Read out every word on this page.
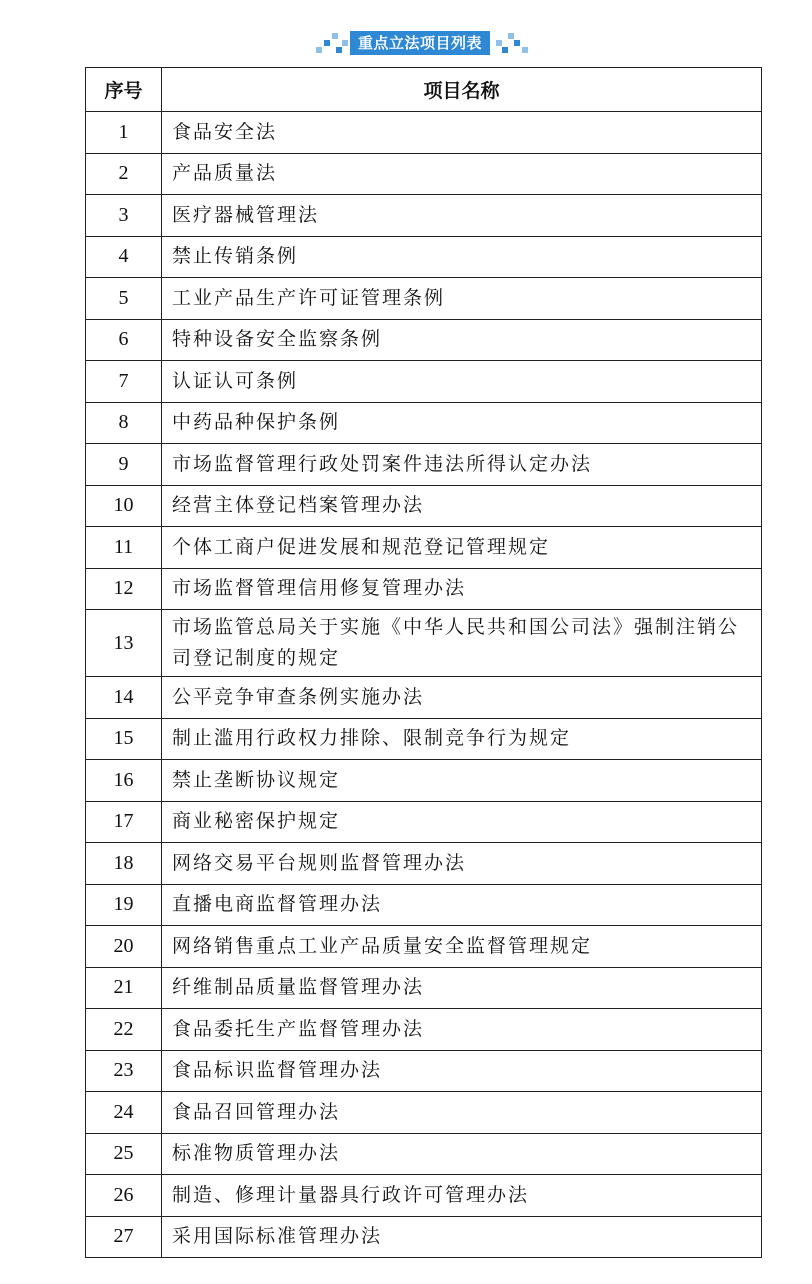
重点立法项目列表
序号	项目名称
1	食品安全法
2	产品质量法
3	医疗器械管理法
4	禁止传销条例
5	工业产品生产许可证管理条例
6	特种设备安全监察条例
7	认证认可条例
8	中药品种保护条例
9	市场监督管理行政处罚案件违法所得认定办法
10	经营主体登记档案管理办法
11	个体工商户促进发展和规范登记管理规定
12	市场监督管理信用修复管理办法
13	市场监管总局关于实施《中华人民共和国公司法》强制注销公司登记制度的规定
14	公平竞争审查条例实施办法
15	制止滥用行政权力排除、限制竞争行为规定
16	禁止垄断协议规定
17	商业秘密保护规定
18	网络交易平台规则监督管理办法
19	直播电商监督管理办法
20	网络销售重点工业产品质量安全监督管理规定
21	纤维制品质量监督管理办法
22	食品委托生产监督管理办法
23	食品标识监督管理办法
24	食品召回管理办法
25	标准物质管理办法
26	制造、修理计量器具行政许可管理办法
27	采用国际标准管理办法
